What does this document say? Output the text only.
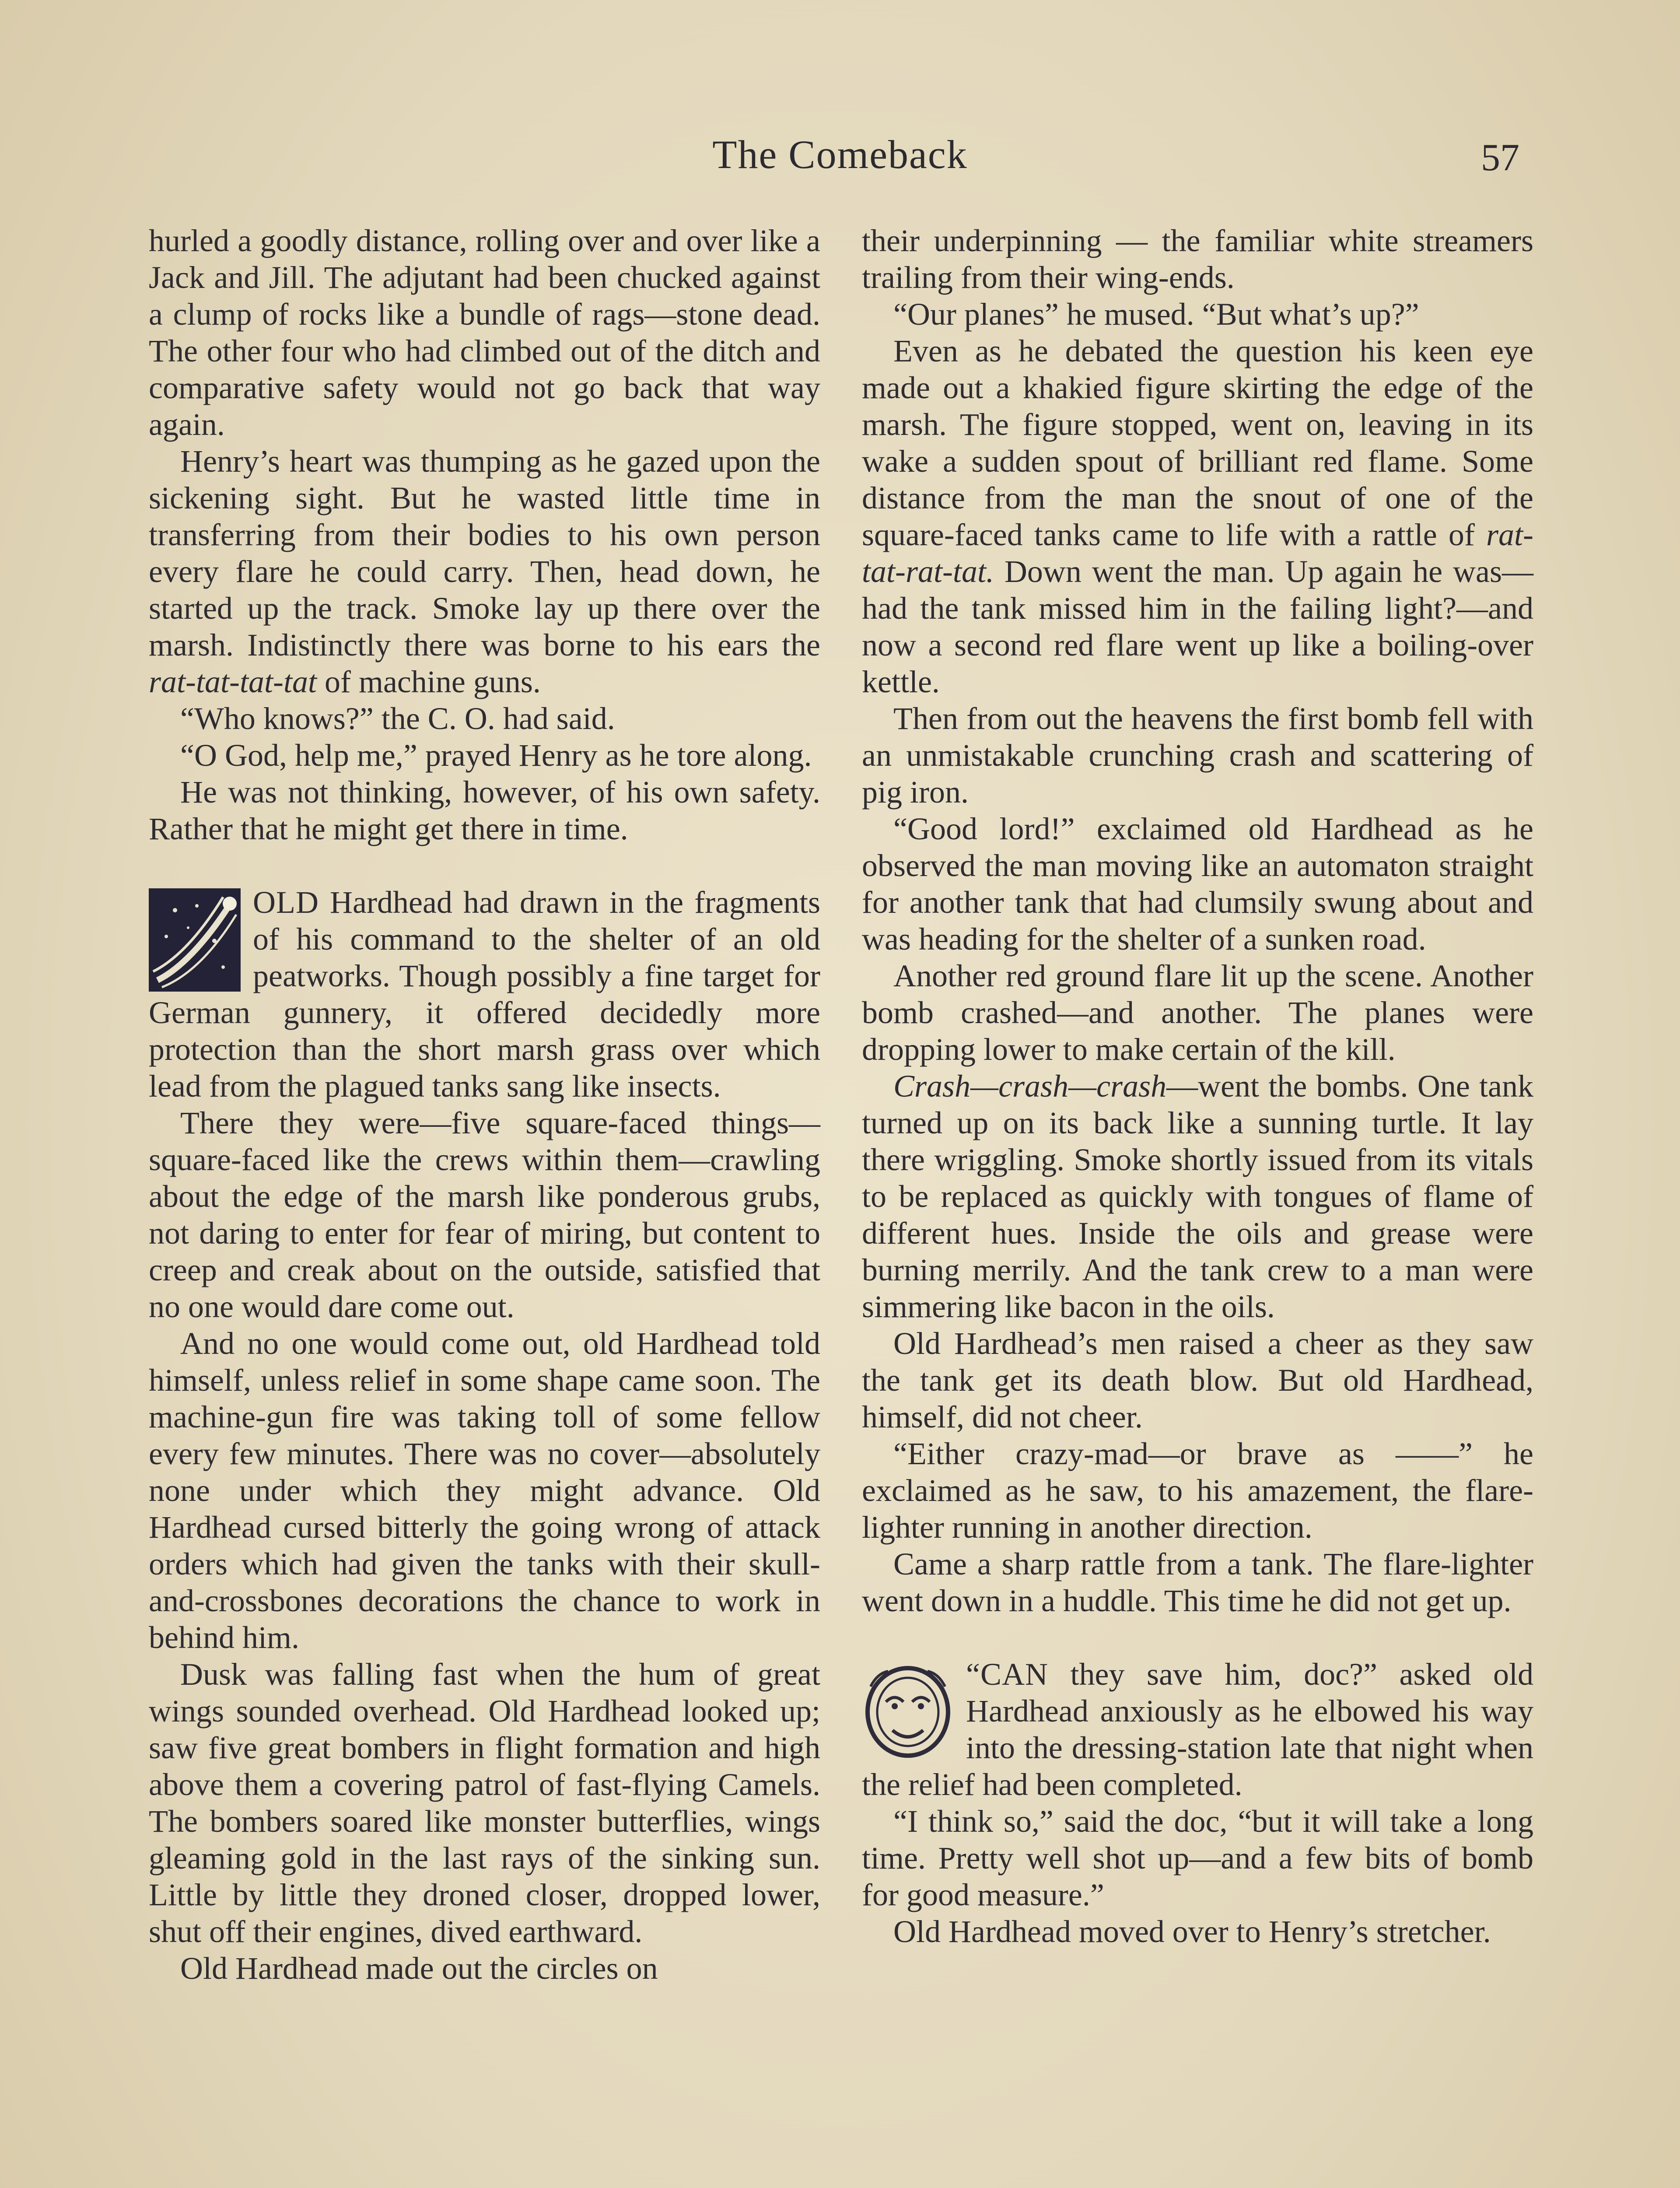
The Comeback	57

hurled a goodly distance, rolling over and over like a Jack and Jill. The adjutant had been chucked against a clump of rocks like a bundle of rags—stone dead. The other four who had climbed out of the ditch and comparative safety would not go back that way again.

Henry’s heart was thumping as he gazed upon the sickening sight. But he wasted little time in transferring from their bodies to his own person every flare he could carry. Then, head down, he started up the track. Smoke lay up there over the marsh. Indistinctly there was borne to his ears the rat-tat-tat-tat of machine guns.

“Who knows?” the C. O. had said.

“O God, help me,” prayed Henry as he tore along.

He was not thinking, however, of his own safety. Rather that he might get there in time.

OLD Hardhead had drawn in the fragments of his command to the shelter of an old peatworks. Though possibly a fine target for German gunnery, it offered decidedly more protection than the short marsh grass over which lead from the plagued tanks sang like insects.

There they were—five square-faced things—square-faced like the crews within them—crawling about the edge of the marsh like ponderous grubs, not daring to enter for fear of miring, but content to creep and creak about on the outside, satisfied that no one would dare come out.

And no one would come out, old Hardhead told himself, unless relief in some shape came soon. The machine-gun fire was taking toll of some fellow every few minutes. There was no cover—absolutely none under which they might advance. Old Hardhead cursed bitterly the going wrong of attack orders which had given the tanks with their skull-and-crossbones decorations the chance to work in behind him.

Dusk was falling fast when the hum of great wings sounded overhead. Old Hardhead looked up; saw five great bombers in flight formation and high above them a covering patrol of fast-flying Camels. The bombers soared like monster butterflies, wings gleaming gold in the last rays of the sinking sun. Little by little they droned closer, dropped lower, shut off their engines, dived earthward.

Old Hardhead made out the circles on

their underpinning — the familiar white streamers trailing from their wing-ends.

“Our planes” he mused. “But what’s up?”

Even as he debated the question his keen eye made out a khakied figure skirting the edge of the marsh. The figure stopped, went on, leaving in its wake a sudden spout of brilliant red flame. Some distance from the man the snout of one of the square-faced tanks came to life with a rattle of rat-tat-rat-tat. Down went the man. Up again he was—had the tank missed him in the failing light?—and now a second red flare went up like a boiling-over kettle.

Then from out the heavens the first bomb fell with an unmistakable crunching crash and scattering of pig iron.

“Good lord!” exclaimed old Hardhead as he observed the man moving like an automaton straight for another tank that had clumsily swung about and was heading for the shelter of a sunken road.

Another red ground flare lit up the scene. Another bomb crashed—and another. The planes were dropping lower to make certain of the kill.

Crash—crash—crash—went the bombs. One tank turned up on its back like a sunning turtle. It lay there wriggling. Smoke shortly issued from its vitals to be replaced as quickly with tongues of flame of different hues. Inside the oils and grease were burning merrily. And the tank crew to a man were simmering like bacon in the oils.

Old Hardhead’s men raised a cheer as they saw the tank get its death blow. But old Hardhead, himself, did not cheer.

“Either crazy-mad—or brave as ——” he exclaimed as he saw, to his amazement, the flare-lighter running in another direction.

Came a sharp rattle from a tank. The flare-lighter went down in a huddle. This time he did not get up.

“CAN they save him, doc?” asked old Hardhead anxiously as he elbowed his way into the dressing-station late that night when the relief had been completed.

“I think so,” said the doc, “but it will take a long time. Pretty well shot up—and a few bits of bomb for good measure.”

Old Hardhead moved over to Henry’s stretcher.
